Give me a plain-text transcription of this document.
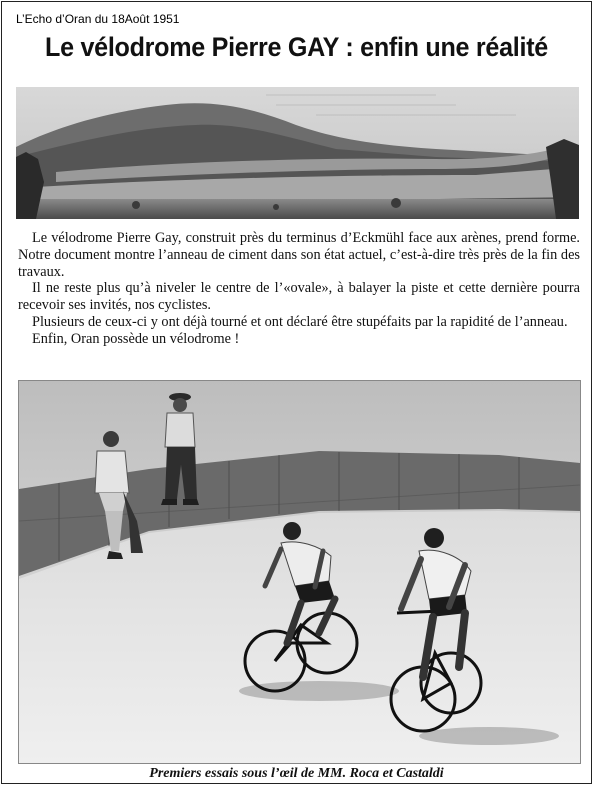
L’Echo d’Oran du 18Août 1951
Le vélodrome Pierre GAY : enfin une réalité

Le vélodrome Pierre Gay, construit près du terminus d’Eckmühl face aux arènes, prend forme. Notre document montre l’anneau de ciment dans son état actuel, c’est-à-dire très près de la fin des travaux.

Il ne reste plus qu’à niveler le centre de l’«ovale», à balayer la piste et cette dernière pourra recevoir ses invités, nos cyclistes.

Plusieurs de ceux-ci y ont déjà tourné et ont déclaré être stupéfaits par la rapidité de l’anneau.

Enfin, Oran possède un vélodrome !

Premiers essais sous l’œil de MM. Roca et Castaldi
